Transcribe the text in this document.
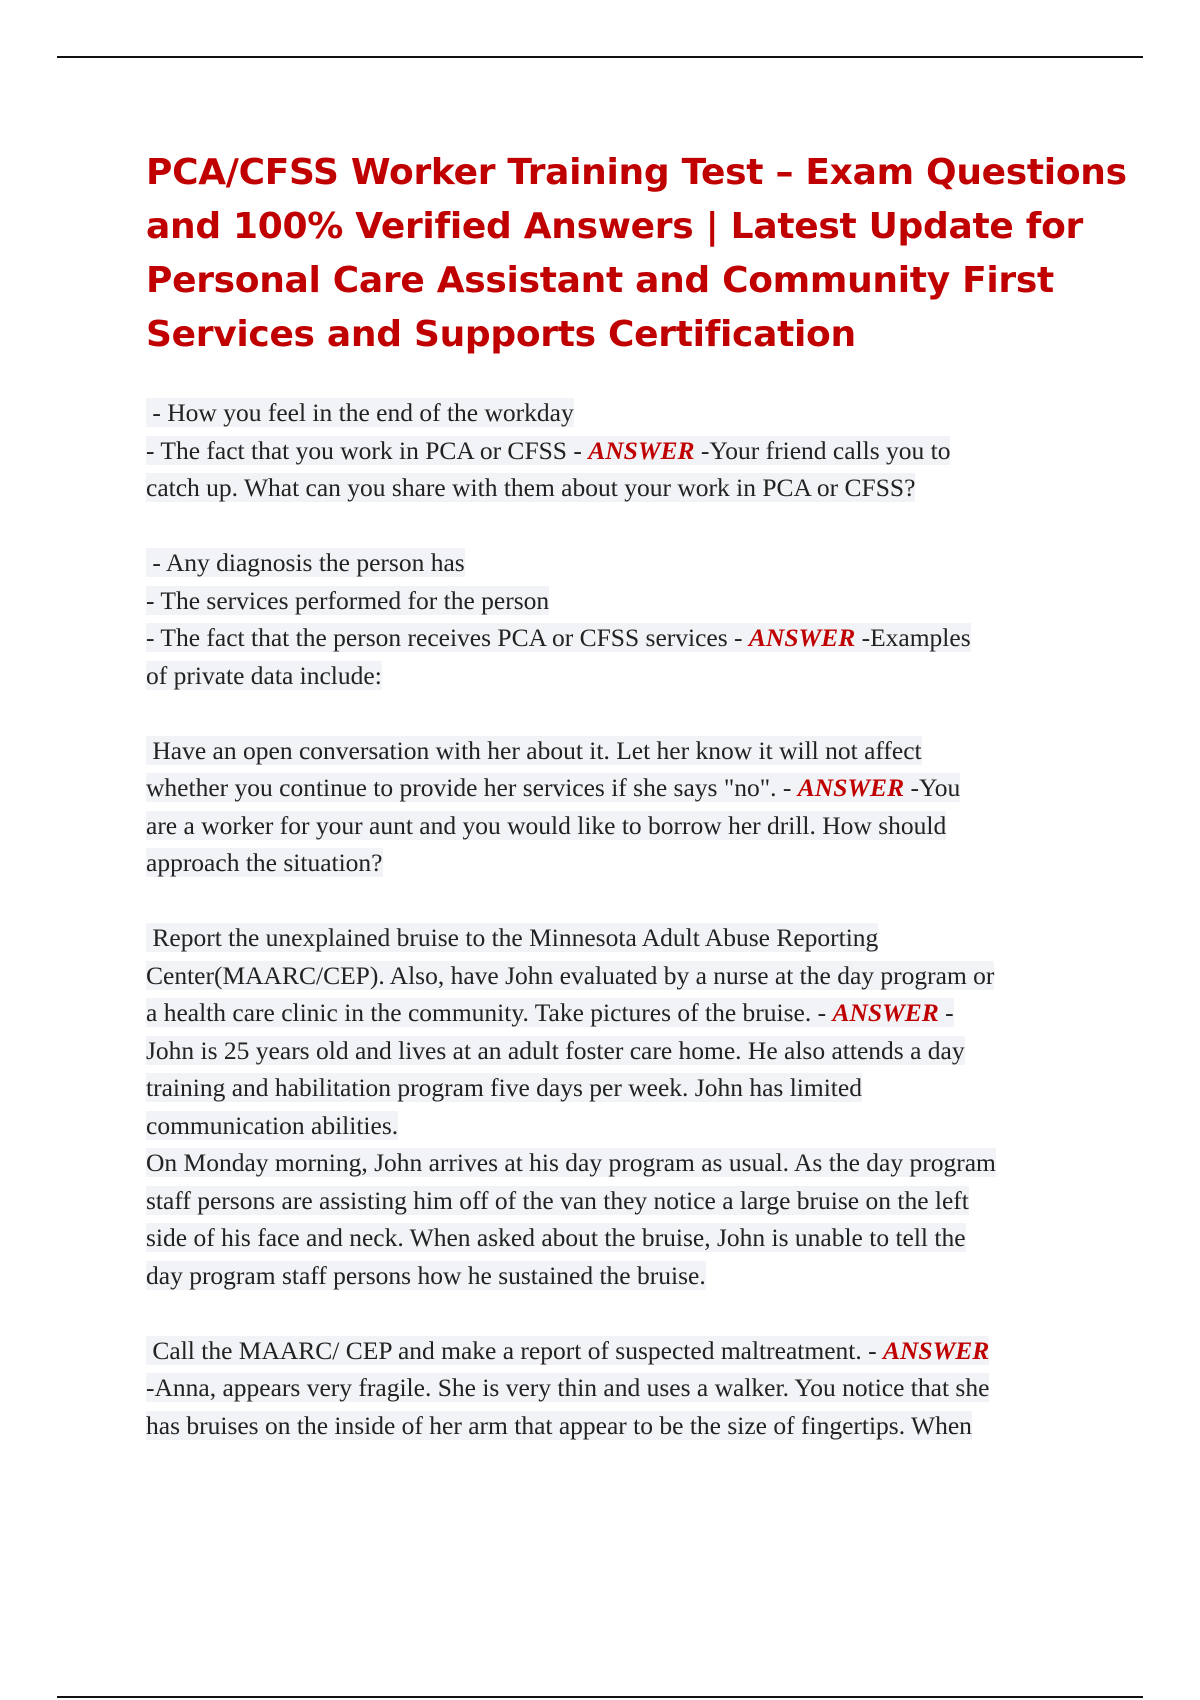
PCA/CFSS Worker Training Test – Exam Questions
and 100% Verified Answers | Latest Update for
Personal Care Assistant and Community First
Services and Supports Certification
- How you feel in the end of the workday
- The fact that you work in PCA or CFSS - ANSWER -Your friend calls you to
catch up. What can you share with them about your work in PCA or CFSS?
- Any diagnosis the person has
- The services performed for the person
- The fact that the person receives PCA or CFSS services - ANSWER -Examples
of private data include:
Have an open conversation with her about it. Let her know it will not affect
whether you continue to provide her services if she says "no". - ANSWER -You
are a worker for your aunt and you would like to borrow her drill. How should
approach the situation?
Report the unexplained bruise to the Minnesota Adult Abuse Reporting
Center(MAARC/CEP). Also, have John evaluated by a nurse at the day program or
a health care clinic in the community. Take pictures of the bruise. - ANSWER -
John is 25 years old and lives at an adult foster care home. He also attends a day
training and habilitation program five days per week. John has limited
communication abilities.
On Monday morning, John arrives at his day program as usual. As the day program
staff persons are assisting him off of the van they notice a large bruise on the left
side of his face and neck. When asked about the bruise, John is unable to tell the
day program staff persons how he sustained the bruise.
Call the MAARC/ CEP and make a report of suspected maltreatment. - ANSWER
-Anna, appears very fragile. She is very thin and uses a walker. You notice that she
has bruises on the inside of her arm that appear to be the size of fingertips. When
